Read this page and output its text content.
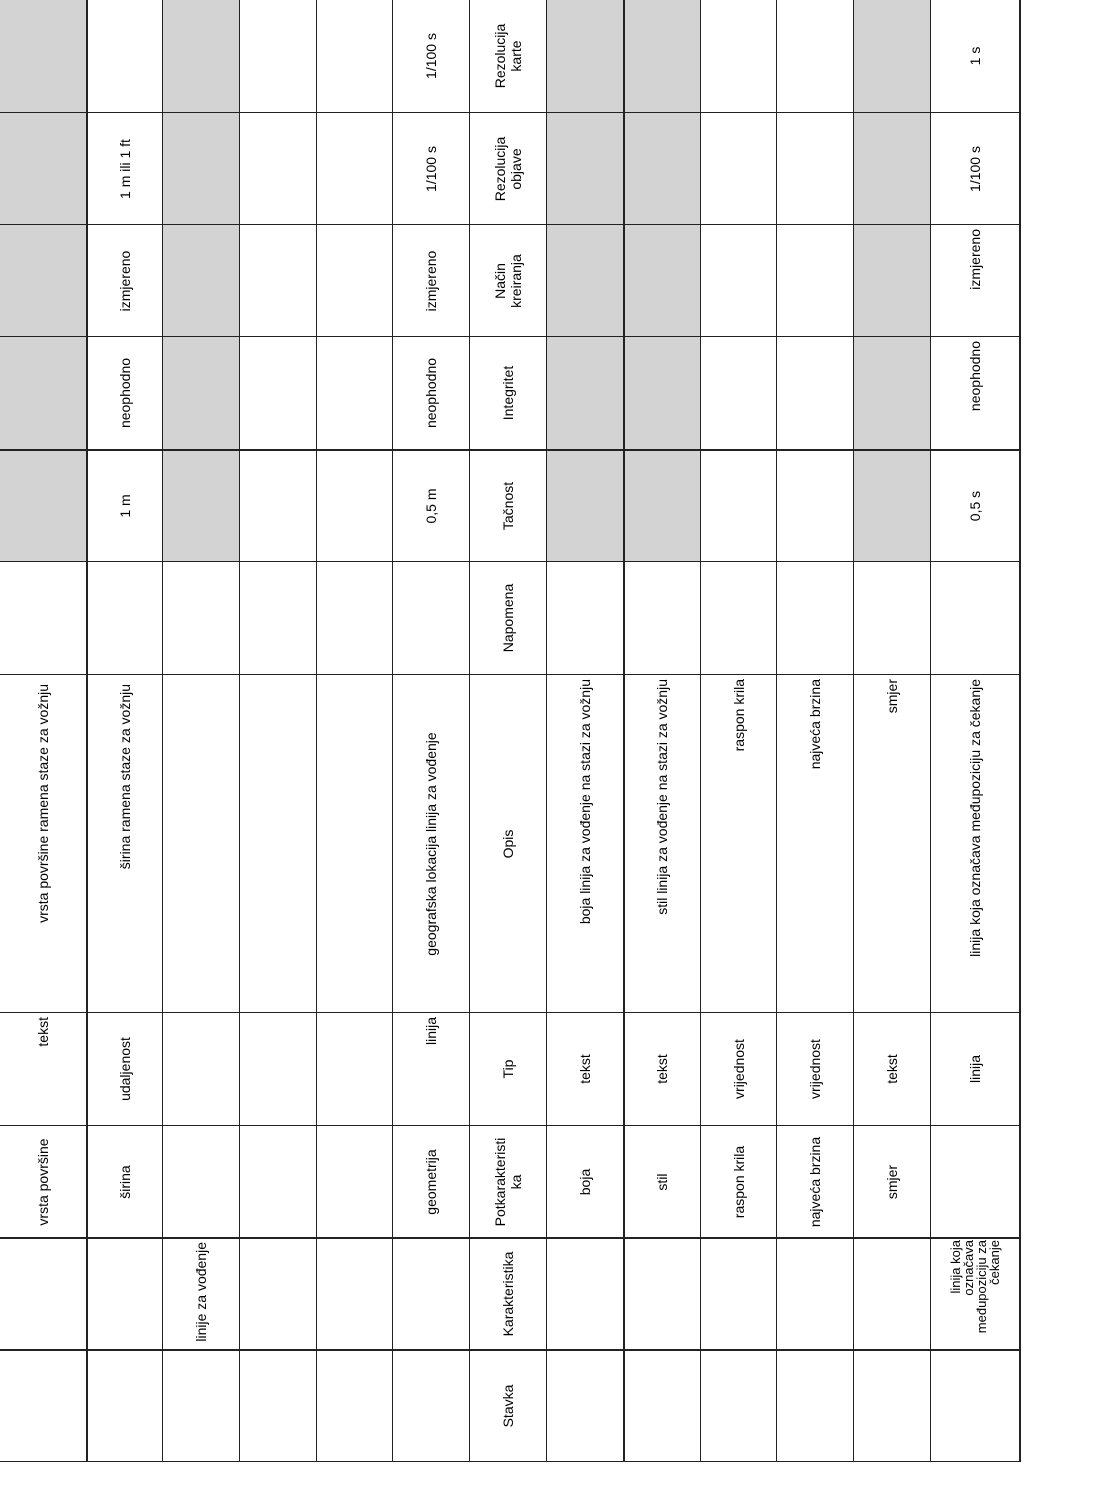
vrsta površine ramena staze za vožnju
tekst
vrsta površine
1 m ili 1 ft
izmjereno
neophodno
1 m
širina ramena staze za vožnju
udaljenost
širina
linije za vođenje
1/100 s
1/100 s
izmjereno
neophodno
0,5 m
geografska lokacija linija za vođenje
linija
geometrija
Rezolucija karte
Rezolucija objave
Način kreiranja
Integritet
Tačnost
Napomena
Opis
Tip
Potkarakteristika
Karakteristika
Stavka
boja linija za vođenje na stazi za vožnju
tekst
boja
stil linija za vođenje na stazi za vožnju
tekst
stil
raspon krila
vrijednost
raspon krila
najveća brzina
vrijednost
najveća brzina
smjer
tekst
smjer
1 s
1/100 s
izmjereno
neophodno
0,5 s
linija koja označava međupoziciju za čekanje
linija
linija koja označava međupoziciju za čekanje
